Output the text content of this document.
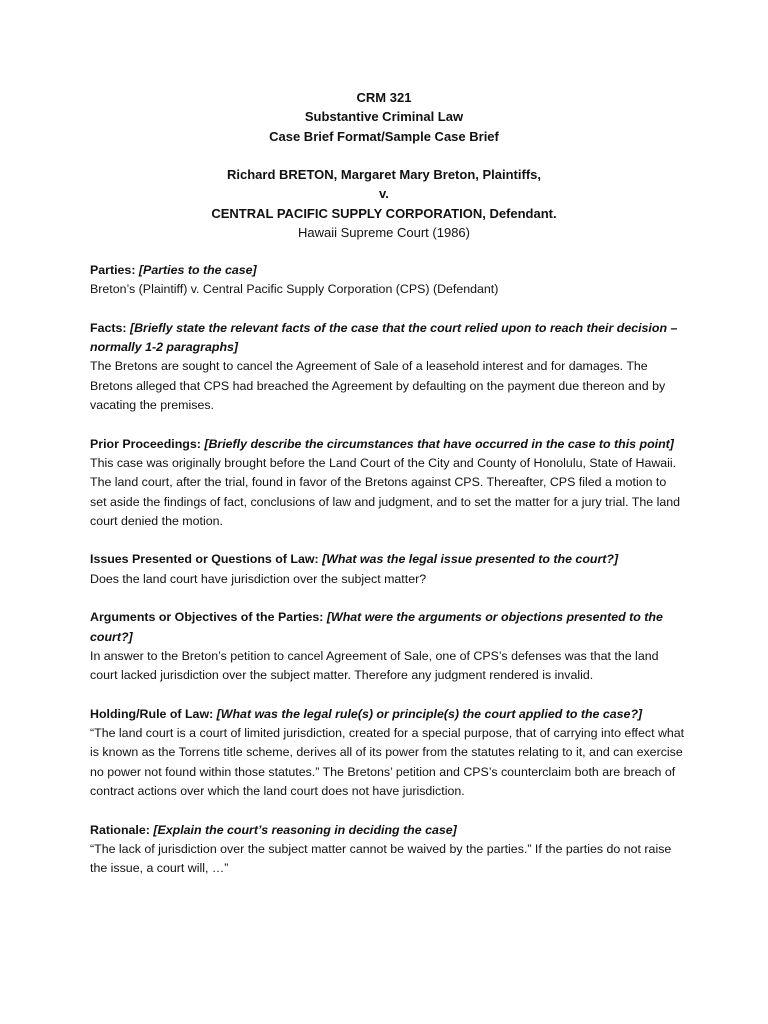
CRM 321
Substantive Criminal Law
Case Brief Format/Sample Case Brief
Richard BRETON, Margaret Mary Breton, Plaintiffs,
v.
CENTRAL PACIFIC SUPPLY CORPORATION, Defendant.
Hawaii Supreme Court (1986)

Parties: [Parties to the case]

Breton’s (Plaintiff) v. Central Pacific Supply Corporation (CPS) (Defendant)

Facts: [Briefly state the relevant facts of the case that the court relied upon to reach their decision – normally 1-2 paragraphs]

The Bretons are sought to cancel the Agreement of Sale of a leasehold interest and for damages. The Bretons alleged that CPS had breached the Agreement by defaulting on the payment due thereon and by vacating the premises.

Prior Proceedings: [Briefly describe the circumstances that have occurred in the case to this point]

This case was originally brought before the Land Court of the City and County of Honolulu, State of Hawaii. The land court, after the trial, found in favor of the Bretons against CPS. Thereafter, CPS filed a motion to set aside the findings of fact, conclusions of law and judgment, and to set the matter for a jury trial. The land court denied the motion.

Issues Presented or Questions of Law: [What was the legal issue presented to the court?]

Does the land court have jurisdiction over the subject matter?

Arguments or Objectives of the Parties: [What were the arguments or objections presented to the court?]

In answer to the Breton’s petition to cancel Agreement of Sale, one of CPS’s defenses was that the land court lacked jurisdiction over the subject matter. Therefore any judgment rendered is invalid.

Holding/Rule of Law: [What was the legal rule(s) or principle(s) the court applied to the case?]

“The land court is a court of limited jurisdiction, created for a special purpose, that of carrying into effect what is known as the Torrens title scheme, derives all of its power from the statutes relating to it, and can exercise no power not found within those statutes.” The Bretons’ petition and CPS’s counterclaim both are breach of contract actions over which the land court does not have jurisdiction.

Rationale: [Explain the court’s reasoning in deciding the case]

“The lack of jurisdiction over the subject matter cannot be waived by the parties.” If the parties do not raise the issue, a court will, …”
